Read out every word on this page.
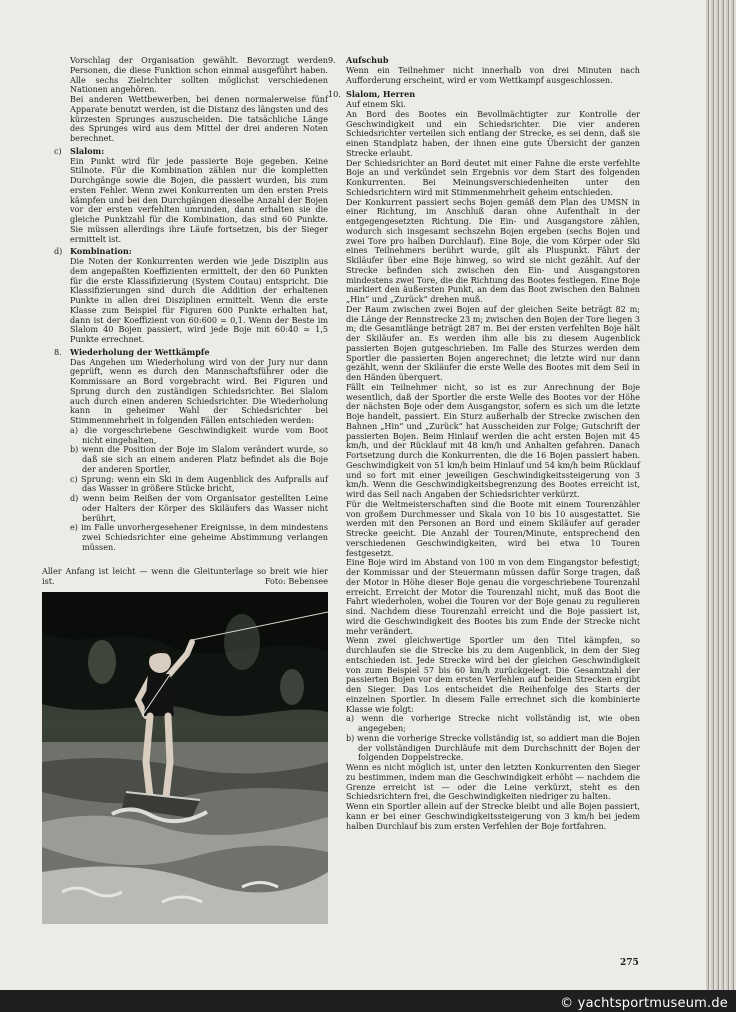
Vorschlag der Organisation gewählt. Bevorzugt werden Personen, die diese Funktion schon einmal ausgeführt haben. Alle sechs Zielrichter sollten möglichst verschiedenen Nationen angehören.

Bei anderen Wettbewerben, bei denen normalerweise fünf Apparate benutzt werden, ist die Distanz des längsten und des kürzesten Sprunges auszuscheiden. Die tatsächliche Länge des Sprunges wird aus dem Mittel der drei anderen Noten berechnet.

c) Slalom:

Ein Punkt wird für jede passierte Boje gegeben. Keine Stilnote. Für die Kombination zählen nur die kompletten Durchgänge sowie die Bojen, die passiert wurden, bis zum ersten Fehler. Wenn zwei Konkurrenten um den ersten Preis kämpfen und bei den Durchgängen dieselbe Anzahl der Bojen vor der ersten verfehlten umrunden, dann erhalten sie die gleiche Punktzahl für die Kombination, das sind 60 Punkte. Sie müssen allerdings ihre Läufe fortsetzen, bis der Sieger ermittelt ist.

d) Kombination:

Die Noten der Konkurrenten werden wie jede Disziplin aus dem angepaßten Koeffizienten ermittelt, der den 60 Punkten für die erste Klassifizierung (System Coutau) entspricht. Die Klassifizierungen sind durch die Addition der erhaltenen Punkte in allen drei Disziplinen ermittelt. Wenn die erste Klasse zum Beispiel für Figuren 600 Punkte erhalten hat, dann ist der Koeffizient von 60:600 = 0,1. Wenn der Beste im Slalom 40 Bojen passiert, wird jede Boje mit 60:40 = 1,5 Punkte errechnet.

8. Wiederholung der Wettkämpfe

Das Angehen um Wiederholung wird von der Jury nur dann geprüft, wenn es durch den Mannschaftsführer oder die Kommissare an Bord vorgebracht wird. Bei Figuren und Sprung durch den zuständigen Schiedsrichter. Bei Slalom auch durch einen anderen Schiedsrichter. Die Wiederholung kann in geheimer Wahl der Schiedsrichter bei Stimmenmehrheit in folgenden Fällen entschieden werden:

a) die vorgeschriebene Geschwindigkeit wurde vom Boot nicht eingehalten,

b) wenn die Position der Boje im Slalom verändert wurde, so daß sie sich an einem anderen Platz befindet als die Boje der anderen Sportler,

c) Sprung: wenn ein Ski in dem Augenblick des Aufpralls auf das Wasser in größere Stücke bricht,

d) wenn beim Reißen der vom Organisator gestellten Leine oder Halters der Körper des Skiläufers das Wasser nicht berührt,

e) im Falle unvorhergesehener Ereignisse, in dem mindestens zwei Schiedsrichter eine geheime Abstimmung verlangen müssen.

Aller Anfang ist leicht — wenn die Gleitunterlage so breit wie hier ist.	Foto: Bebensee
9. Aufschub

Wenn ein Teilnehmer nicht innerhalb von drei Minuten nach Aufforderung erscheint, wird er vom Wettkampf ausgeschlossen.

10. Slalom, Herren

Auf einem Ski.

An Bord des Bootes ein Bevollmächtigter zur Kontrolle der Geschwindigkeit und ein Schiedsrichter. Die vier anderen Schiedsrichter verteilen sich entlang der Strecke, es sei denn, daß sie einen Standplatz haben, der ihnen eine gute Übersicht der ganzen Strecke erlaubt.

Der Schiedsrichter an Bord deutet mit einer Fahne die erste verfehlte Boje an und verkündet sein Ergebnis vor dem Start des folgenden Konkurrenten. Bei Meinungsverschiedenheiten unter den Schiedsrichtern wird mit Stimmenmehrheit geheim entschieden.

Der Konkurrent passiert sechs Bojen gemäß dem Plan des UMSN in einer Richtung, im Anschluß daran ohne Aufenthalt in der entgegengesetzten Richtung. Die Ein- und Ausgangstore zählen, wodurch sich insgesamt sechszehn Bojen ergeben (sechs Bojen und zwei Tore pro halben Durchlauf). Eine Boje, die vom Körper oder Ski eines Teilnehmers berührt wurde, gilt als Pluspunkt. Fährt der Skiläufer über eine Boje hinweg, so wird sie nicht gezählt. Auf der Strecke befinden sich zwischen den Ein- und Ausgangstoren mindestens zwei Tore, die die Richtung des Bootes festlegen. Eine Boje markiert den äußersten Punkt, an dem das Boot zwischen den Bahnen „Hin“ und „Zurück“ drehen muß.

Der Raum zwischen zwei Bojen auf der gleichen Seite beträgt 82 m; die Länge der Rennstrecke 23 m; zwischen den Bojen der Tore liegen 3 m; die Gesamtlänge beträgt 287 m. Bei der ersten verfehlten Boje hält der Skiläufer an. Es werden ihm alle bis zu diesem Augenblick passierten Bojen gutgeschrieben. Im Falle des Sturzes werden dem Sportler die passierten Bojen angerechnet; die letzte wird nur dann gezählt, wenn der Skiläufer die erste Welle des Bootes mit dem Seil in den Händen überquert.

Fällt ein Teilnehmer nicht, so ist es zur Anrechnung der Boje wesentlich, daß der Sportler die erste Welle des Bootes vor der Höhe der nächsten Boje oder dem Ausgangstor, sofern es sich um die letzte Boje handelt, passiert. Ein Sturz außerhalb der Strecke zwischen den Bahnen „Hin“ und „Zurück“ hat Ausscheiden zur Folge; Gutschrift der passierten Bojen. Beim Hinlauf werden die acht ersten Bojen mit 45 km/h, und der Rücklauf mit 48 km/h und Anhalten gefahren. Danach Fortsetzung durch die Konkurrenten, die die 16 Bojen passiert haben. Geschwindigkeit von 51 km/h beim Hinlauf und 54 km/h beim Rücklauf und so fort mit einer jeweiligen Geschwindigkeitssteigerung von 3 km/h. Wenn die Geschwindigkeitsbegrenzung des Bootes erreicht ist, wird das Seil nach Angaben der Schiedsrichter verkürzt.

Für die Weltmeisterschaften sind die Boote mit einem Tourenzähler von großem Durchmesser und Skala von 10 bis 10 ausgestattet. Sie werden mit den Personen an Bord und einem Skiläufer auf gerader Strecke geeicht. Die Anzahl der Touren/Minute, entsprechend den verschiedenen Geschwindigkeiten, wird bei etwa 10 Touren festgesetzt.

Eine Boje wird im Abstand von 100 m von dem Eingangstor befestigt; der Kommissar und der Steuermann müssen dafür Sorge tragen, daß der Motor in Höhe dieser Boje genau die vorgeschriebene Tourenzahl erreicht. Erreicht der Motor die Tourenzahl nicht, muß das Boot die Fahrt wiederholen, wobei die Touren vor der Boje genau zu regulieren sind. Nachdem diese Tourenzahl erreicht und die Boje passiert ist, wird die Geschwindigkeit des Bootes bis zum Ende der Strecke nicht mehr verändert.

Wenn zwei gleichwertige Sportler um den Titel kämpfen, so durchlaufen sie die Strecke bis zu dem Augenblick, in dem der Sieg entschieden ist. Jede Strecke wird bei der gleichen Geschwindigkeit von zum Beispiel 57 bis 60 km/h zurückgelegt. Die Gesamtzahl der passierten Bojen vor dem ersten Verfehlen auf beiden Strecken ergibt den Sieger. Das Los entscheidet die Reihenfolge des Starts der einzelnen Sportler. In diesem Falle errechnet sich die kombinierte Klasse wie folgt:

a) wenn die vorherige Strecke nicht vollständig ist, wie oben angegeben;

b) wenn die vorherige Strecke vollständig ist, so addiert man die Bojen der vollständigen Durchläufe mit dem Durchschnitt der Bojen der folgenden Doppelstrecke.

Wenn es nicht möglich ist, unter den letzten Konkurrenten den Sieger zu bestimmen, indem man die Geschwindigkeit erhöht — nachdem die Grenze erreicht ist — oder die Leine verkürzt, steht es den Schiedsrichtern frei, die Geschwindigkeiten niedriger zu halten.

Wenn ein Sportler allein auf der Strecke bleibt und alle Bojen passiert, kann er bei einer Geschwindigkeitssteigerung von 3 km/h bei jedem halben Durchlauf bis zum ersten Verfehlen der Boje fortfahren.

275
© yachtsportmuseum.de
